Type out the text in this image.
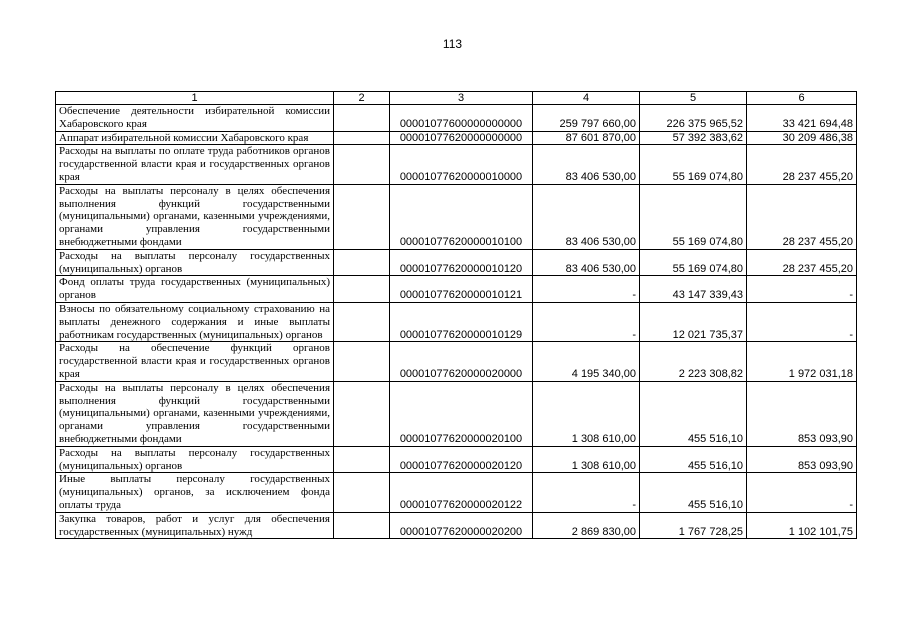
113
1	2	3	4	5	6
Обеспечение деятельности избирательной комиссии Хабаровского края		00001077600000000000	259 797 660,00	226 375 965,52	33 421 694,48
Аппарат избирательной комиссии Хабаровского края		00001077620000000000	87 601 870,00	57 392 383,62	30 209 486,38
Расходы на выплаты по оплате труда работников органов государственной власти края и государственных органов края		00001077620000010000	83 406 530,00	55 169 074,80	28 237 455,20
Расходы на выплаты персоналу в целях обеспечения выполнения функций государственными (муниципальными) органами, казенными учреждениями, органами управления государственными внебюджетными фондами		00001077620000010100	83 406 530,00	55 169 074,80	28 237 455,20
Расходы на выплаты персоналу государственных (муниципальных) органов		00001077620000010120	83 406 530,00	55 169 074,80	28 237 455,20
Фонд оплаты труда государственных (муниципальных) органов		00001077620000010121	-	43 147 339,43	-
Взносы по обязательному социальному страхованию на выплаты денежного содержания и иные выплаты работникам государственных (муниципальных) органов		00001077620000010129	-	12 021 735,37	-
Расходы на обеспечение функций органов государственной власти края и государственных органов края		00001077620000020000	4 195 340,00	2 223 308,82	1 972 031,18
Расходы на выплаты персоналу в целях обеспечения выполнения функций государственными (муниципальными) органами, казенными учреждениями, органами управления государственными внебюджетными фондами		00001077620000020100	1 308 610,00	455 516,10	853 093,90
Расходы на выплаты персоналу государственных (муниципальных) органов		00001077620000020120	1 308 610,00	455 516,10	853 093,90
Иные выплаты персоналу государственных (муниципальных) органов, за исключением фонда оплаты труда		00001077620000020122	-	455 516,10	-
Закупка товаров, работ и услуг для обеспечения государственных (муниципальных) нужд		00001077620000020200	2 869 830,00	1 767 728,25	1 102 101,75
